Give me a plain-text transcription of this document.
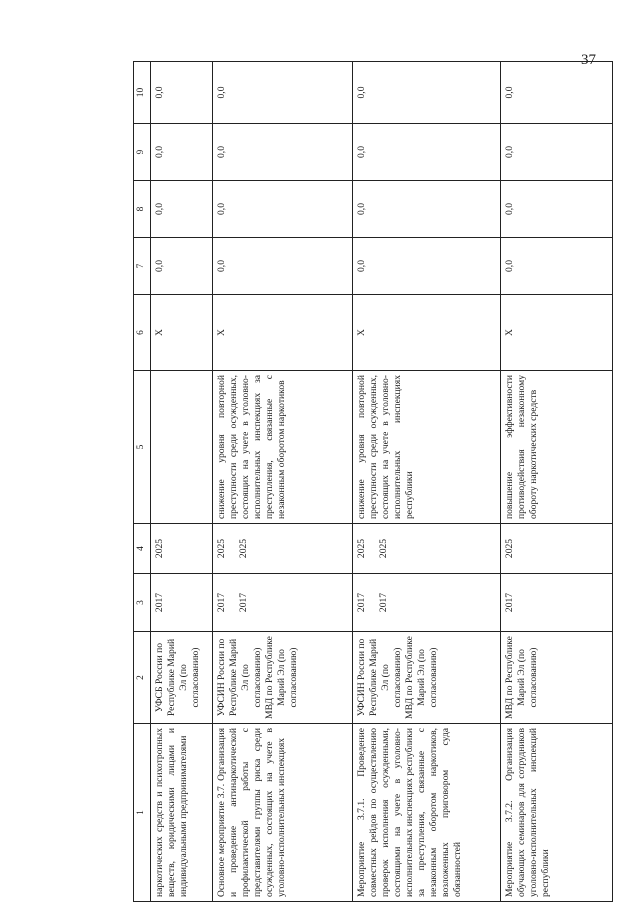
37
1	2	3	4	5	6	7	8	9	10
наркотических средств и психотропных веществ, юридическими лицами и индивидуальными предпринимателями	УФСБ России по Республике Марий Эл (по согласованию)	2017	2025		X	0,0	0,0	0,0	0,0
Основное мероприятие 3.7. Организация и проведение антинаркотической профилактической работы с представителями группы риска среди осужденных, состоящих на учете в уголовно-исполнительных инспекциях	УФСИН России по Республике Марий Эл (по согласованию) МВД по Республике Марий Эл (по согласованию)	2017 2017	2025 2025	снижение уровня повторной преступности среди осужденных, состоящих на учете в уголовно-исполнительных инспекциях за преступления, связанные с незаконным оборотом наркотиков	X	0,0	0,0	0,0	0,0
Мероприятие 3.7.1. Проведение совместных рейдов по осуществлению проверок исполнения осужденными, состоящими на учете в уголовно-исполнительных инспекциях республики за преступления, связанные с незаконным оборотом наркотиков, возложенных приговором суда обязанностей	УФСИН России по Республике Марий Эл (по согласованию) МВД по Республике Марий Эл (по согласованию)	2017 2017	2025 2025	снижение уровня повторной преступности среди осужденных, состоящих на учете в уголовно-исполнительных инспекциях республики	X	0,0	0,0	0,0	0,0
Мероприятие 3.7.2. Организация обучающих семинаров для сотрудников уголовно-исполнительных инспекций республики	МВД по Республике Марий Эл (по согласованию)	2017	2025	повышение эффективности противодействия незаконному обороту наркотических средств	X	0,0	0,0	0,0	0,0
